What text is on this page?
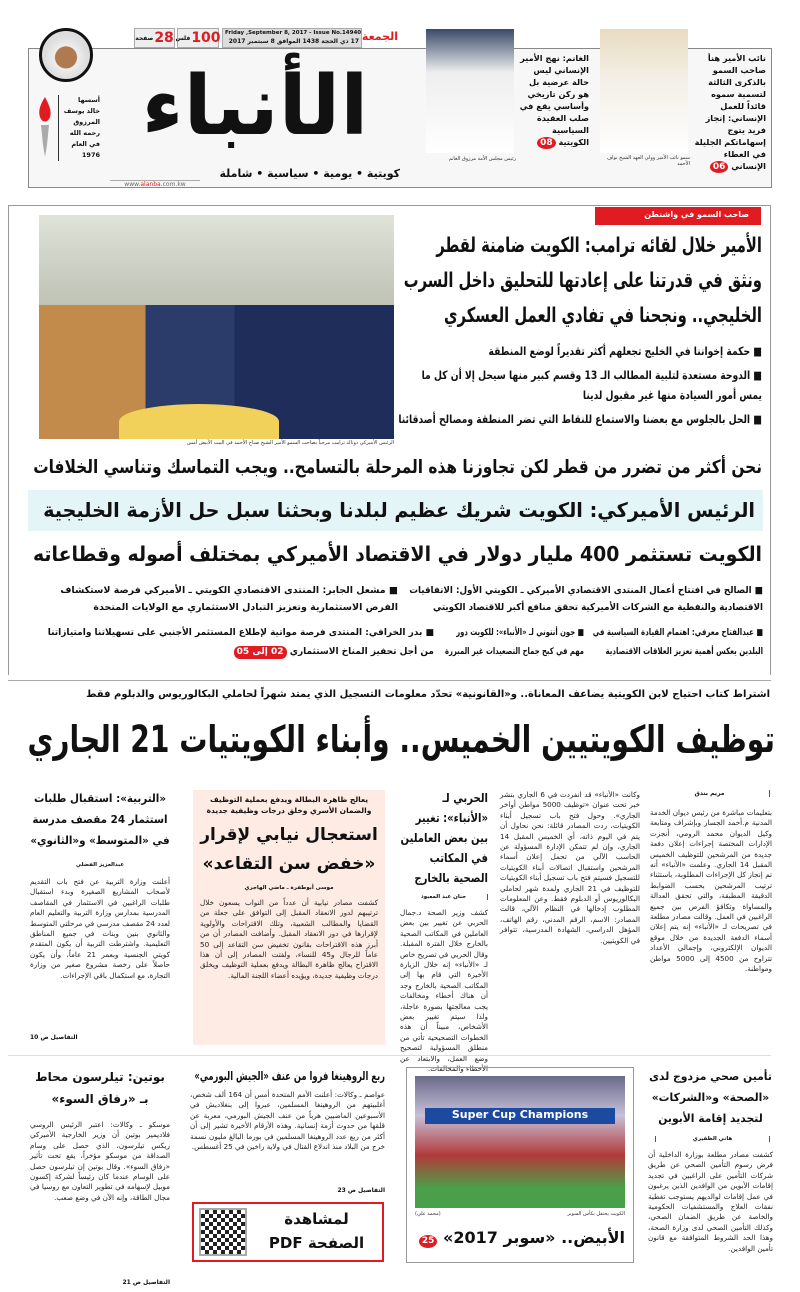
الجمعة
Friday ,September 8, 2017 - Issue No.14940
17 ذي الحجة 1438 الموافق 8 سبتمبر 2017
100
فلس
28
صفحة
أسسها
خالد يوسف
المرزوق
رحمه الله
في العام
1976
الأنباء
كويتية • يومية • سياسية • شاملة
www.alanba.com.kw
سمو نائب الأمير وولي العهد الشيخ نواف الأحمد
نائب الأمير هنأ صاحب السمو بالذكرى الثالثة لتسمية سموه قائداً للعمل الإنساني: إنجاز فريد يتوج إسهاماتكم الجليلة في العطاء الإنساني 06
رئيس مجلس الأمة مرزوق الغانم
الغانم: نهج الأمير الإنساني ليس حالة عرضية بل هو ركن تاريخي وأساسي يقع في صلب العقيدة السياسية الكويتية 08
صاحب السمو في واشنطن
الرئيس الأميركي دونالد ترامب مرحباً بصاحب السمو الأمير الشيخ صباح الأحمد في البيت الأبيض أمس
الأمير خلال لقائه ترامب: الكويت ضامنة لقطر ونثق في قدرتنا على إعادتها للتحليق داخل السرب الخليجي.. ونجحنا في تفادي العمل العسكري
■ حكمة إخواننا في الخليج تجعلهم أكثر تقديراً لوضع المنطقة
■ الدوحة مستعدة لتلبية المطالب الـ 13 وقسم كبير منها سيحل إلا أن كل ما يمس أمور السيادة منها غير مقبول لدينا
■ الحل بالجلوس مع بعضنا والاستماع للنقاط التي تضر المنطقة ومصالح أصدقائنا
نحن أكثر من تضرر من قطر لكن تجاوزنا هذه المرحلة بالتسامح.. ويجب التماسك وتناسي الخلافات
الرئيس الأميركي: الكويت شريك عظيم لبلدنا وبحثنا سبل حل الأزمة الخليجية
الكويت تستثمر 400 مليار دولار في الاقتصاد الأميركي بمختلف أصوله وقطاعاته
■ الصالح في افتتاح أعمال المنتدى الاقتصادي الأميركي ـ الكويتي الأول: الاتفاقيات الاقتصادية والنفطية مع الشركات الأميركية تحقق منافع أكبر للاقتصاد الكويتي
■ مشعل الجابر: المنتدى الاقتصادي الكويتي ـ الأميركي فرصة لاستكشاف الفرص الاستثمارية وتعزيز التبادل الاستثماري مع الولايات المتحدة
■ عبدالفتاح معرفي: اهتمام القيادة السياسية في البلدين يعكس أهمية تعزيز العلاقات الاقتصادية
■ جون أنتوني لـ «الأنباء»: للكويت دور مهم في كبح جماح التصعيدات غير المبررة
■ بدر الخرافي: المنتدى فرصة مواتية لإطلاع المستثمر الأجنبي على تسهيلاتنا وامتيازاتنا من أجل تحفيز المناخ الاستثماري 02 إلى 05
اشتراط كتاب احتياج لابن الكويتية يضاعف المعاناة.. و«القانونية» تحدّد معلومات التسجيل الذي يمتد شهراً لحاملي البكالوريوس والدبلوم فقط
توظيف الكويتيين الخميس.. وأبناء الكويتيات 21 الجاري
مريم بندق
بتعليمات مباشرة من رئيس ديوان الخدمة المدنية م.أحمد الجسار وبإشراف ومتابعة وكيل الديوان محمد الرومي، أنجزت الإدارات المختصة إجراءات إعلان دفعة جديدة من المرشحين للتوظيف الخميس المقبل 14 الجاري. وعلمت «الأنباء» أنه تم إنجاز كل الإجراءات المطلوبة، باستثناء ترتيب المرشحين بحسب الضوابط الدقيقة المطبقة، والتي تحقق العدالة والمساواة وتكافؤ الفرص بين جميع الراغبين في العمل. وقالت مصادر مطلعة في تصريحات لـ «الأنباء» إنه يتم إعلان أسماء الدفعة الجديدة من خلال موقع الديوان الإلكتروني، وإجمالي الأعداد تتراوح من 4500 إلى 5000 مواطن ومواطنة.
وكانت «الأنباء» قد انفردت في 6 الجاري بنشر خبر تحت عنوان «توظيف 5000 مواطن أواخر الجاري». وحول فتح باب تسجيل أبناء الكويتيات، ردت المصادر قائلة: نحن نحاول أن يتم في اليوم ذاته، أي الخميس المقبل 14 الجاري، وإن لم تتمكن الإدارة المسؤولة عن الحاسب الآلي من تحمل إعلان أسماء المرشحين واستقبال اتصالات أبناء الكويتيات للتسجيل فسيتم فتح باب تسجيل أبناء الكويتيات للتوظيف في 21 الجاري ولمدة شهر لحاملي البكالوريوس أو الدبلوم فقط. وعن المعلومات المطلوب إدخالها في النظام الآلي، قالت المصادر: الاسم، الرقم المدني، رقم الهاتف، المؤهل الدراسي، الشهادة المدرسية، تتوافر في الكويتيين.
الحربي لـ «الأنباء»: تغيير بين بعض العاملين في المكاتب الصحية بالخارج
حنان عبد المعبود
كشف وزير الصحة د.جمال الحربي عن تغيير بين بعض العاملين في المكاتب الصحية بالخارج خلال الفترة المقبلة. وقال الحربي في تصريح خاص لـ «الأنباء» إنه خلال الزيارة الأخيرة التي قام بها إلى المكاتب الصحية بالخارج وجد أن هناك أخطاء ومخالفات يجب معالجتها بصورة عاجلة، ولذا سيتم تغيير بعض الأشخاص، مبيناً أن هذه الخطوات التصحيحية تأتي من منطلق المسؤولية لتصحيح وضع العمل، والابتعاد عن الأخطاء والمخالفات.
يعالج ظاهرة البطالة ويدفع بعملية التوظيف والضمان الأسري وخلق درجات وظيفية جديدة
استعجال نيابي لإقرار «خفض سن التقاعد»
موسى أبوطفرة ـ ماضي الهاجري
كشفت مصادر نيابية أن عدداً من النواب يسعون خلال ترتيبهم لدور الانعقاد المقبل إلى التوافق على جعلة من القضايا والمطالب الشعبية، وتلك الاقتراحات والأولوية لإقرارها في دور الانعقاد المقبل. وأضافت المصادر أن من أبرز هذه الاقتراحات بقانون تخفيض سن التقاعد إلى 50 عاماً للرجال و45 للنساء، ولفتت المصادر إلى أن هذا الاقتراح يعالج ظاهرة البطالة ويدفع بعملية التوظيف ويخلق درجات وظيفية جديدة، ويؤيده أعضاء اللجنة المالية.
«التربية»: استقبال طلبات استثمار 24 مقصف مدرسة في «المتوسط» و«الثانوي»
عبدالعزيز الفضلي
أعلنت وزارة التربية عن فتح باب التقديم لأصحاب المشاريع الصغيرة وبدء استقبال طلبات الراغبين في الاستثمار في المقاصف المدرسية بمدارس وزارة التربية والتعليم العام لعدد 24 مقصف مدرسي في مرحلتي المتوسط والثانوي بنين وبنات في جميع المناطق التعليمية. واشترطت التربية أن يكون المتقدم كويتي الجنسية وبعمر 21 عاماً، وأن يكون حاصلاً على رخصة مشروع صغير من وزارة التجارة، مع استكمال باقي الإجراءات.
التفاصيل ص 10
بوتين: تيلرسون محاط بـ «رفاق السوء»
موسكو ـ وكالات: اعتبر الرئيس الروسي فلاديمير بوتين أن وزير الخارجية الأميركي ريكس تيلرسون، الذي حصل على وسام الصداقة من موسكو مؤخراً، يقع تحت تأثير «رفاق السوء». وقال بوتين إن تيلرسون حصل على الوسام عندما كان رئيساً لشركة إكسون موبيل لإسهامه في تطوير التعاون مع روسيا في مجال الطاقة، وإنه الآن في وضع صعب.
التفاصيل ص 21
ربع الروهينغا فروا من عنف «الجيش البورمي»
عواصم ـ وكالات: أعلنت الأمم المتحدة أمس أن 164 ألف شخص، أغلبيتهم من الروهينغا المسلمين، عبروا إلى بنغلاديش في الأسبوعين الماضيين هرباً من عنف الجيش البورمي، معربة عن قلقها من حدوث أزمة إنسانية. وهذه الأرقام الأخيرة تشير إلى أن أكثر من ربع عدد الروهينغا المسلمين في بورما البالغ مليون نسمة خرج من البلاد منذ اندلاع القتال في ولاية راخين في 25 أغسطس.
التفاصيل ص 23
لمشاهدة
الصفحة PDF
Super Cup Champions
الكويت يحتفل بكأس السوبر
(محمد علي)
الأبيض.. «سوبر 2017» 25
تأمين صحي مزدوج لدى «الصحة» و«الشركات» لتجديد إقامة الأبوين
هاني الظفيري
كشفت مصادر مطلعة بوزارة الداخلية أن فرض رسوم التأمين الصحي عن طريق شركات التأمين على الراغبين في تجديد إقامات الأبوين من الوافدين الذين يرغبون في عمل إقامات لوالديهم يستوجب تغطية نفقات العلاج والمستشفيات الحكومية والخاصة عن طريق الضمان الصحي، وكذلك التأمين الصحي لدى وزارة الصحة، وهذا الحد الشروط المتوافقة مع قانون تأمين الوافدين.
